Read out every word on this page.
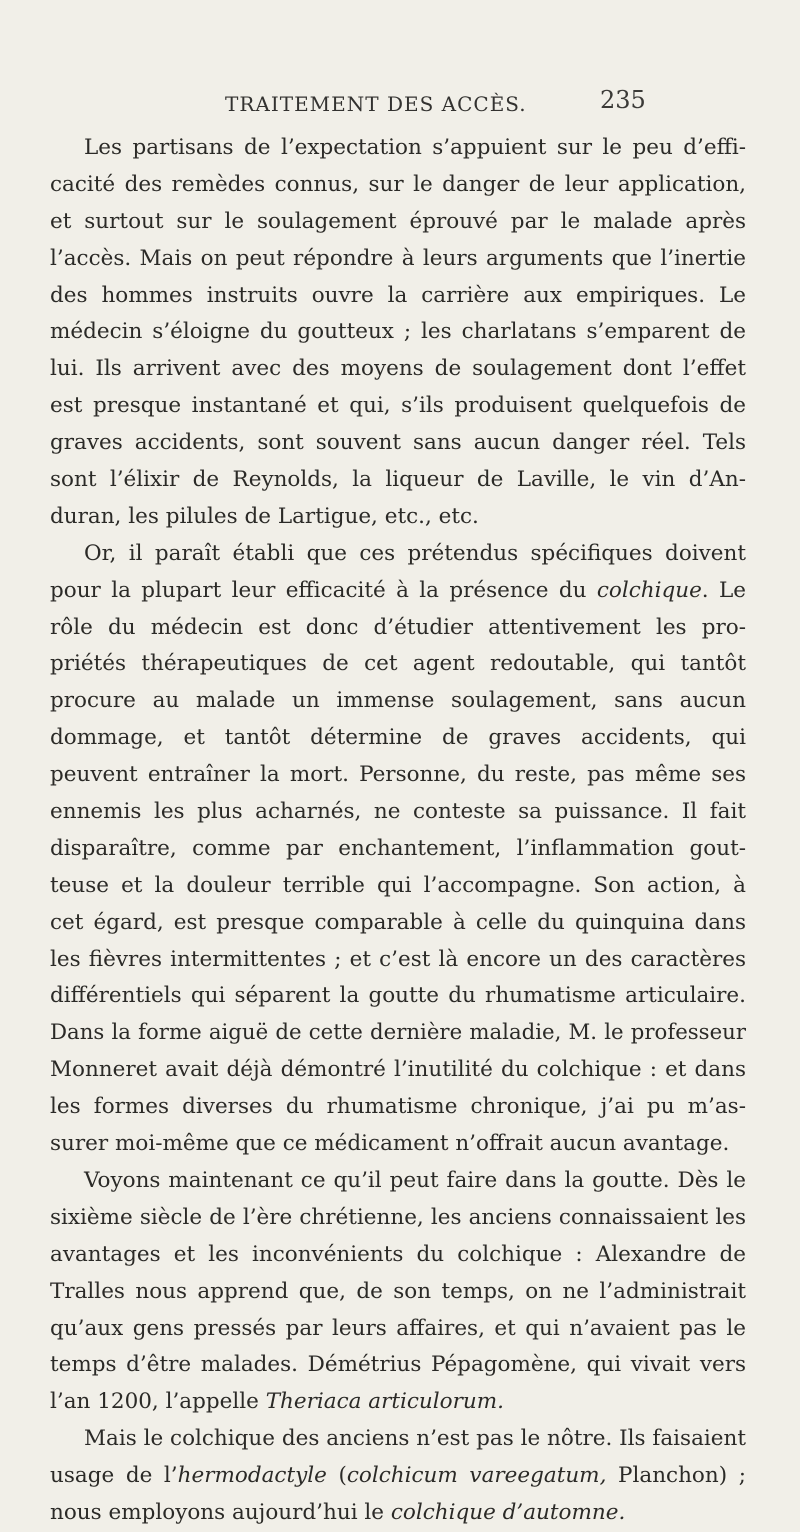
TRAITEMENT DES ACCÈS.	235
Les partisans de l’expectation s’appuient sur le peu d’effi-
cacité des remèdes connus, sur le danger de leur application,
et surtout sur le soulagement éprouvé par le malade après
l’accès. Mais on peut répondre à leurs arguments que l’inertie
des hommes instruits ouvre la carrière aux empiriques. Le
médecin s’éloigne du goutteux ; les charlatans s’emparent de
lui. Ils arrivent avec des moyens de soulagement dont l’effet
est presque instantané et qui, s’ils produisent quelquefois de
graves accidents, sont souvent sans aucun danger réel. Tels
sont l’élixir de Reynolds, la liqueur de Laville, le vin d’An-
duran, les pilules de Lartigue, etc., etc.
Or, il paraît établi que ces prétendus spécifiques doivent
pour la plupart leur efficacité à la présence du colchique. Le
rôle du médecin est donc d’étudier attentivement les pro-
priétés thérapeutiques de cet agent redoutable, qui tantôt
procure au malade un immense soulagement, sans aucun
dommage, et tantôt détermine de graves accidents, qui
peuvent entraîner la mort. Personne, du reste, pas même ses
ennemis les plus acharnés, ne conteste sa puissance. Il fait
disparaître, comme par enchantement, l’inflammation gout-
teuse et la douleur terrible qui l’accompagne. Son action, à
cet égard, est presque comparable à celle du quinquina dans
les fièvres intermittentes ; et c’est là encore un des caractères
différentiels qui séparent la goutte du rhumatisme articulaire.
Dans la forme aiguë de cette dernière maladie, M. le professeur
Monneret avait déjà démontré l’inutilité du colchique : et dans
les formes diverses du rhumatisme chronique, j’ai pu m’as-
surer moi-même que ce médicament n’offrait aucun avantage.
Voyons maintenant ce qu’il peut faire dans la goutte. Dès le
sixième siècle de l’ère chrétienne, les anciens connaissaient les
avantages et les inconvénients du colchique : Alexandre de
Tralles nous apprend que, de son temps, on ne l’administrait
qu’aux gens pressés par leurs affaires, et qui n’avaient pas le
temps d’être malades. Démétrius Pépagomène, qui vivait vers
l’an 1200, l’appelle Theriaca articulorum.
Mais le colchique des anciens n’est pas le nôtre. Ils faisaient
usage de l’hermodactyle (colchicum vareegatum, Planchon) ;
nous employons aujourd’hui le colchique d’automne.
